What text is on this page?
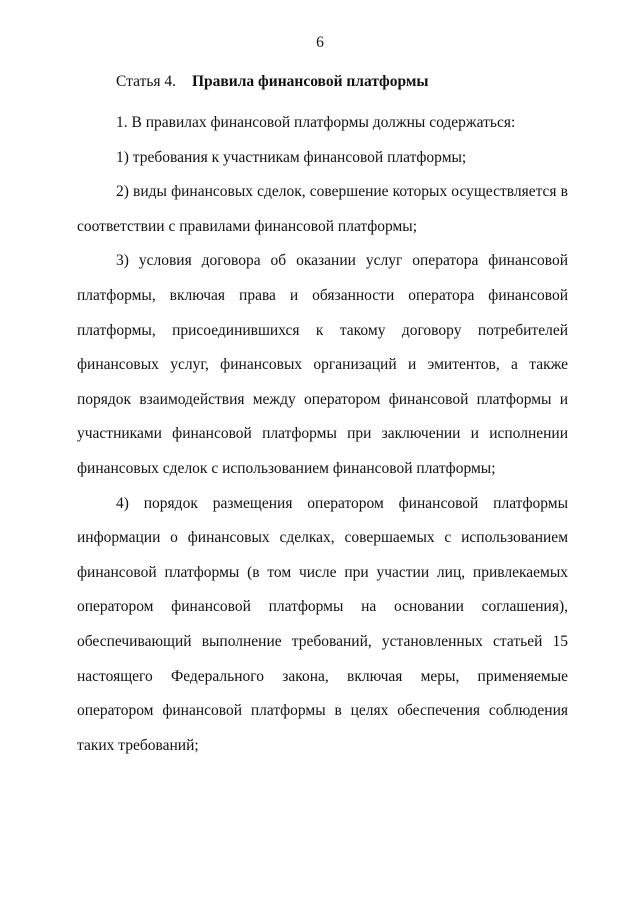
6
Статья 4. Правила финансовой платформы

1. В правилах финансовой платформы должны содержаться:

1) требования к участникам финансовой платформы;

2) виды финансовых сделок, совершение которых осуществляется в соответствии с правилами финансовой платформы;

3) условия договора об оказании услуг оператора финансовой платформы, включая права и обязанности оператора финансовой платформы, присоединившихся к такому договору потребителей финансовых услуг, финансовых организаций и эмитентов, а также порядок взаимодействия между оператором финансовой платформы и участниками финансовой платформы при заключении и исполнении финансовых сделок с использованием финансовой платформы;

4) порядок размещения оператором финансовой платформы информации о финансовых сделках, совершаемых с использованием финансовой платформы (в том числе при участии лиц, привлекаемых оператором финансовой платформы на основании соглашения), обеспечивающий выполнение требований, установленных статьей 15 настоящего Федерального закона, включая меры, применяемые оператором финансовой платформы в целях обеспечения соблюдения таких требований;
